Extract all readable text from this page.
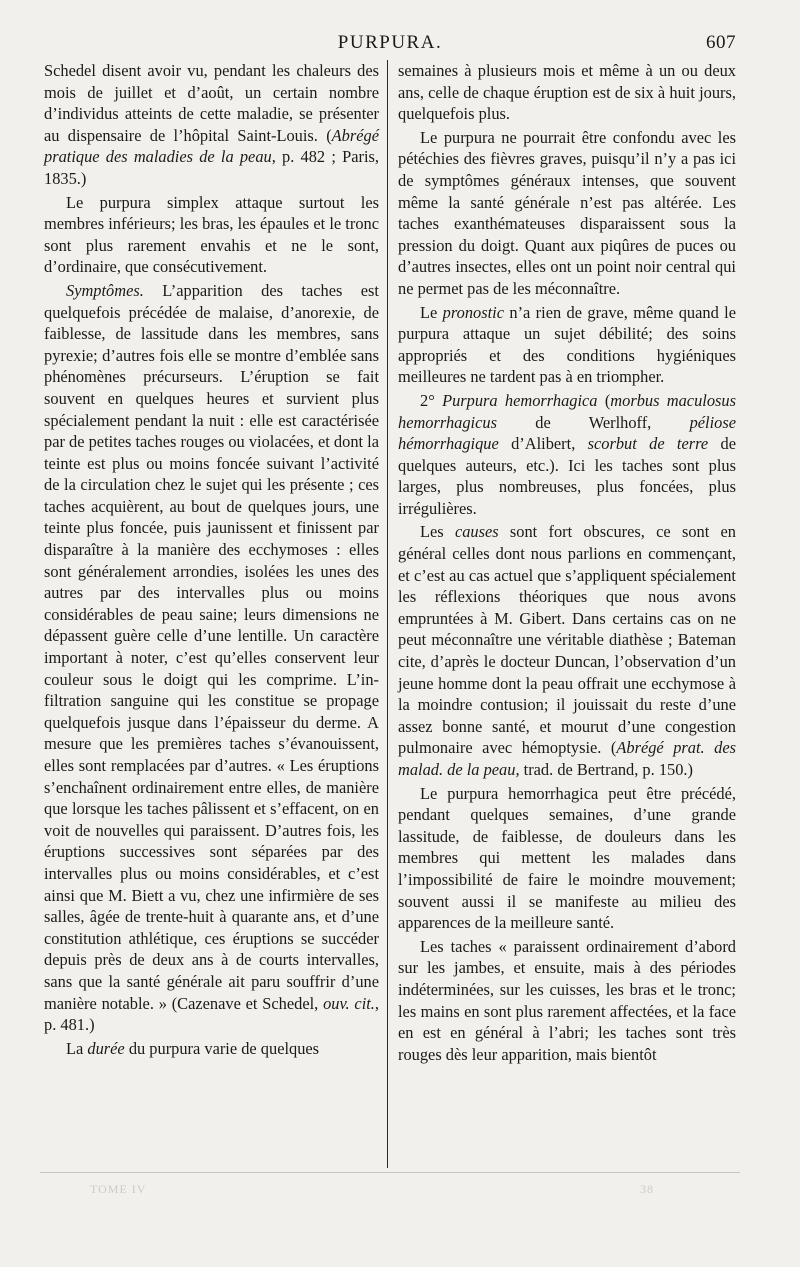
PURPURA.	607

Schedel disent avoir vu, pendant les chaleurs des mois de juillet et d’août, un certain nombre d’individus atteints de cette maladie, se présenter au dispensaire de l’hôpital Saint-Louis. (Abrégé pratique des maladies de la peau, p. 482 ; Paris, 1835.)

Le purpura simplex attaque surtout les membres inférieurs; les bras, les épaules et le tronc sont plus rarement envahis et ne le sont, d’ordinaire, que consécutivement.

Symptômes. L’apparition des taches est quelquefois précédée de malaise, d’anorexie, de faiblesse, de lassitude dans les membres, sans pyrexie; d’autres fois elle se montre d’emblée sans phénomènes précurseurs. L’éruption se fait souvent en quelques heures et survient plus spécialement pendant la nuit : elle est caractérisée par de petites taches rouges ou violacées, et dont la teinte est plus ou moins foncée suivant l’activité de la circulation chez le sujet qui les présente ; ces taches acquièrent, au bout de quelques jours, une teinte plus foncée, puis jaunissent et finissent par disparaître à la manière des ecchymoses : elles sont généralement arrondies, isolées les unes des autres par des intervalles plus ou moins considérables de peau saine; leurs dimensions ne dépassent guère celle d’une lentille. Un caractère important à noter, c’est qu’elles conservent leur couleur sous le doigt qui les comprime. L’infiltration sanguine qui les constitue se propage quelquefois jusque dans l’épaisseur du derme. A mesure que les premières taches s’évanouissent, elles sont remplacées par d’autres. « Les éruptions s’enchaînent ordinairement entre elles, de manière que lorsque les taches pâlissent et s’effacent, on en voit de nouvelles qui paraissent. D’autres fois, les éruptions successives sont séparées par des intervalles plus ou moins considérables, et c’est ainsi que M. Biett a vu, chez une infirmière de ses salles, âgée de trente-huit à quarante ans, et d’une constitution athlétique, ces éruptions se succéder depuis près de deux ans à de courts intervalles, sans que la santé générale ait paru souffrir d’une manière notable. » (Cazenave et Schedel, ouv. cit., p. 481.)

La durée du purpura varie de quelques

semaines à plusieurs mois et même à un ou deux ans, celle de chaque éruption est de six à huit jours, quelquefois plus.

Le purpura ne pourrait être confondu avec les pétéchies des fièvres graves, puisqu’il n’y a pas ici de symptômes généraux intenses, que souvent même la santé générale n’est pas altérée. Les taches exanthémateuses disparaissent sous la pression du doigt. Quant aux piqûres de puces ou d’autres insectes, elles ont un point noir central qui ne permet pas de les méconnaître.

Le pronostic n’a rien de grave, même quand le purpura attaque un sujet débilité; des soins appropriés et des conditions hygiéniques meilleures ne tardent pas à en triompher.

2° Purpura hemorrhagica (morbus maculosus hemorrhagicus de Werlhoff, péliose hémorrhagique d’Alibert, scorbut de terre de quelques auteurs, etc.). Ici les taches sont plus larges, plus nombreuses, plus foncées, plus irrégulières.

Les causes sont fort obscures, ce sont en général celles dont nous parlions en commençant, et c’est au cas actuel que s’appliquent spécialement les réflexions théoriques que nous avons empruntées à M. Gibert. Dans certains cas on ne peut méconnaître une véritable diathèse ; Bateman cite, d’après le docteur Duncan, l’observation d’un jeune homme dont la peau offrait une ecchymose à la moindre contusion; il jouissait du reste d’une assez bonne santé, et mourut d’une congestion pulmonaire avec hémoptysie. (Abrégé prat. des malad. de la peau, trad. de Bertrand, p. 150.)

Le purpura hemorrhagica peut être précédé, pendant quelques semaines, d’une grande lassitude, de faiblesse, de douleurs dans les membres qui mettent les malades dans l’impossibilité de faire le moindre mouvement; souvent aussi il se manifeste au milieu des apparences de la meilleure santé.

Les taches « paraissent ordinairement d’abord sur les jambes, et ensuite, mais à des périodes indéterminées, sur les cuisses, les bras et le tronc; les mains en sont plus rarement affectées, et la face en est en général à l’abri; les taches sont très rouges dès leur apparition, mais bientôt

TOME IV	38
